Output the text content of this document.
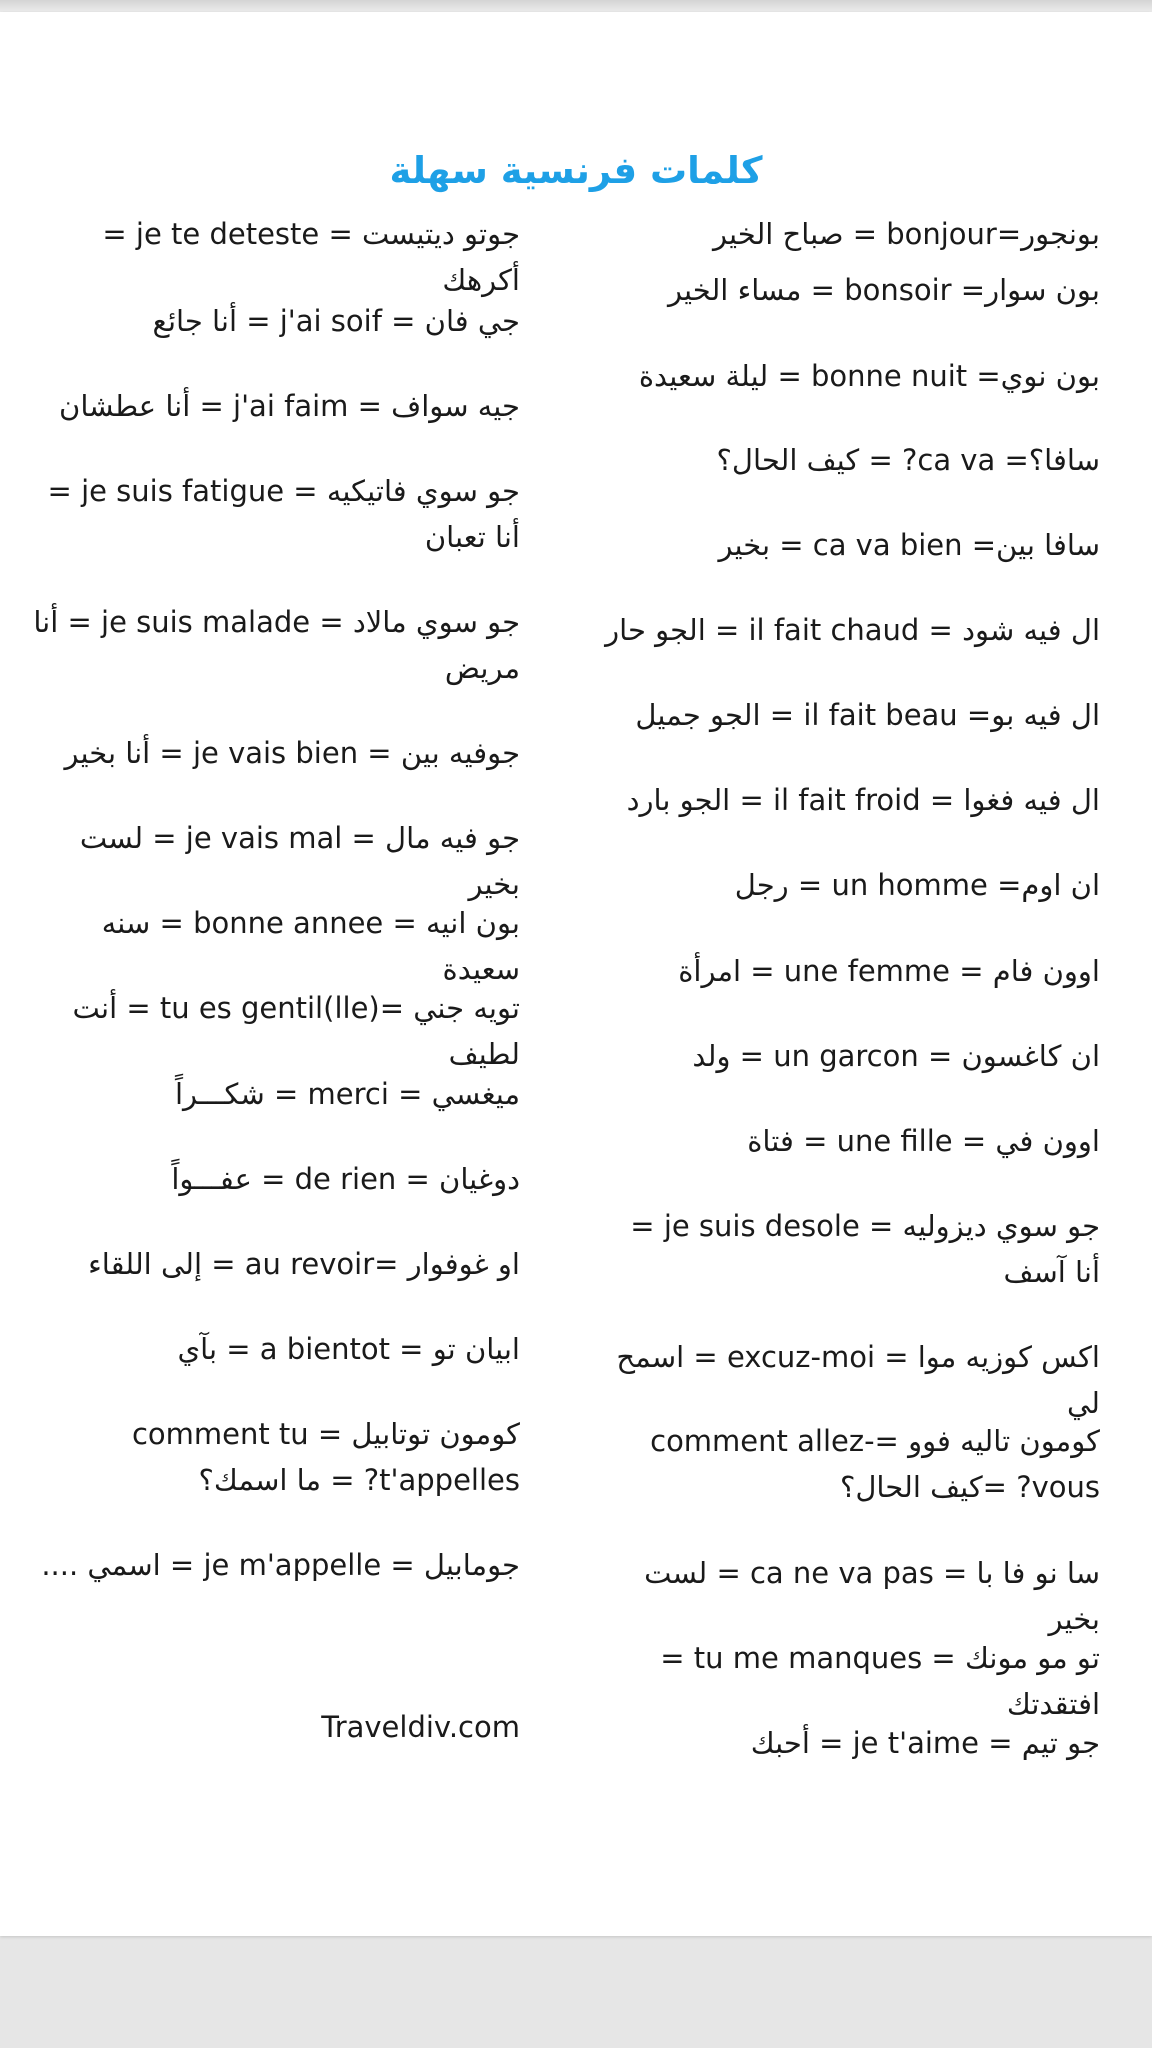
كلمات فرنسية سهلة
بونجور=bonjour = صباح الخير
بون سوار= bonsoir = مساء الخير
بون نوي= bonne nuit = ليلة سعيدة
سافا؟= ca va? = كيف الحال؟
سافا بين= ca va bien = بخير
ال فيه شود = il fait chaud = الجو حار
ال فيه بو= il fait beau = الجو جميل
ال فيه فغوا = il fait froid = الجو بارد
ان اوم= un homme = رجل
اوون فام = une femme = امرأة
ان كاغسون = un garcon = ولد
اوون في = une fille = فتاة
جو سوي ديزوليه = je suis desole = أنا آسف
اكس كوزيه موا = excuz-moi = اسمح لي
كومون تاليه فوو =comment allez-vous? =كيف الحال؟
سا نو فا با = ca ne va pas = لست بخير
تو مو مونك = tu me manques = افتقدتك
جو تيم = je t'aime = أحبك
جوتو ديتيست = je te deteste = أكرهك
جي فان = j'ai soif = أنا جائع
جيه سواف = j'ai faim = أنا عطشان
جو سوي فاتيكيه = je suis fatigue = أنا تعبان
جو سوي مالاد = je suis malade = أنا مريض
جوفيه بين = je vais bien = أنا بخير
جو فيه مال = je vais mal = لست بخير
بون انيه = bonne annee = سنه سعيدة
تويه جني =(lle)tu es gentil = أنت لطيف
ميغسي = merci = شكـــراً
دوغيان = de rien = عفـــواً
او غوفوار =au revoir = إلى اللقاء
ابيان تو = a bientot = بآي
كومون توتابيل = comment tu t'appelles? = ما اسمك؟
جومابيل = je m'appelle = اسمي ....
Traveldiv.com
